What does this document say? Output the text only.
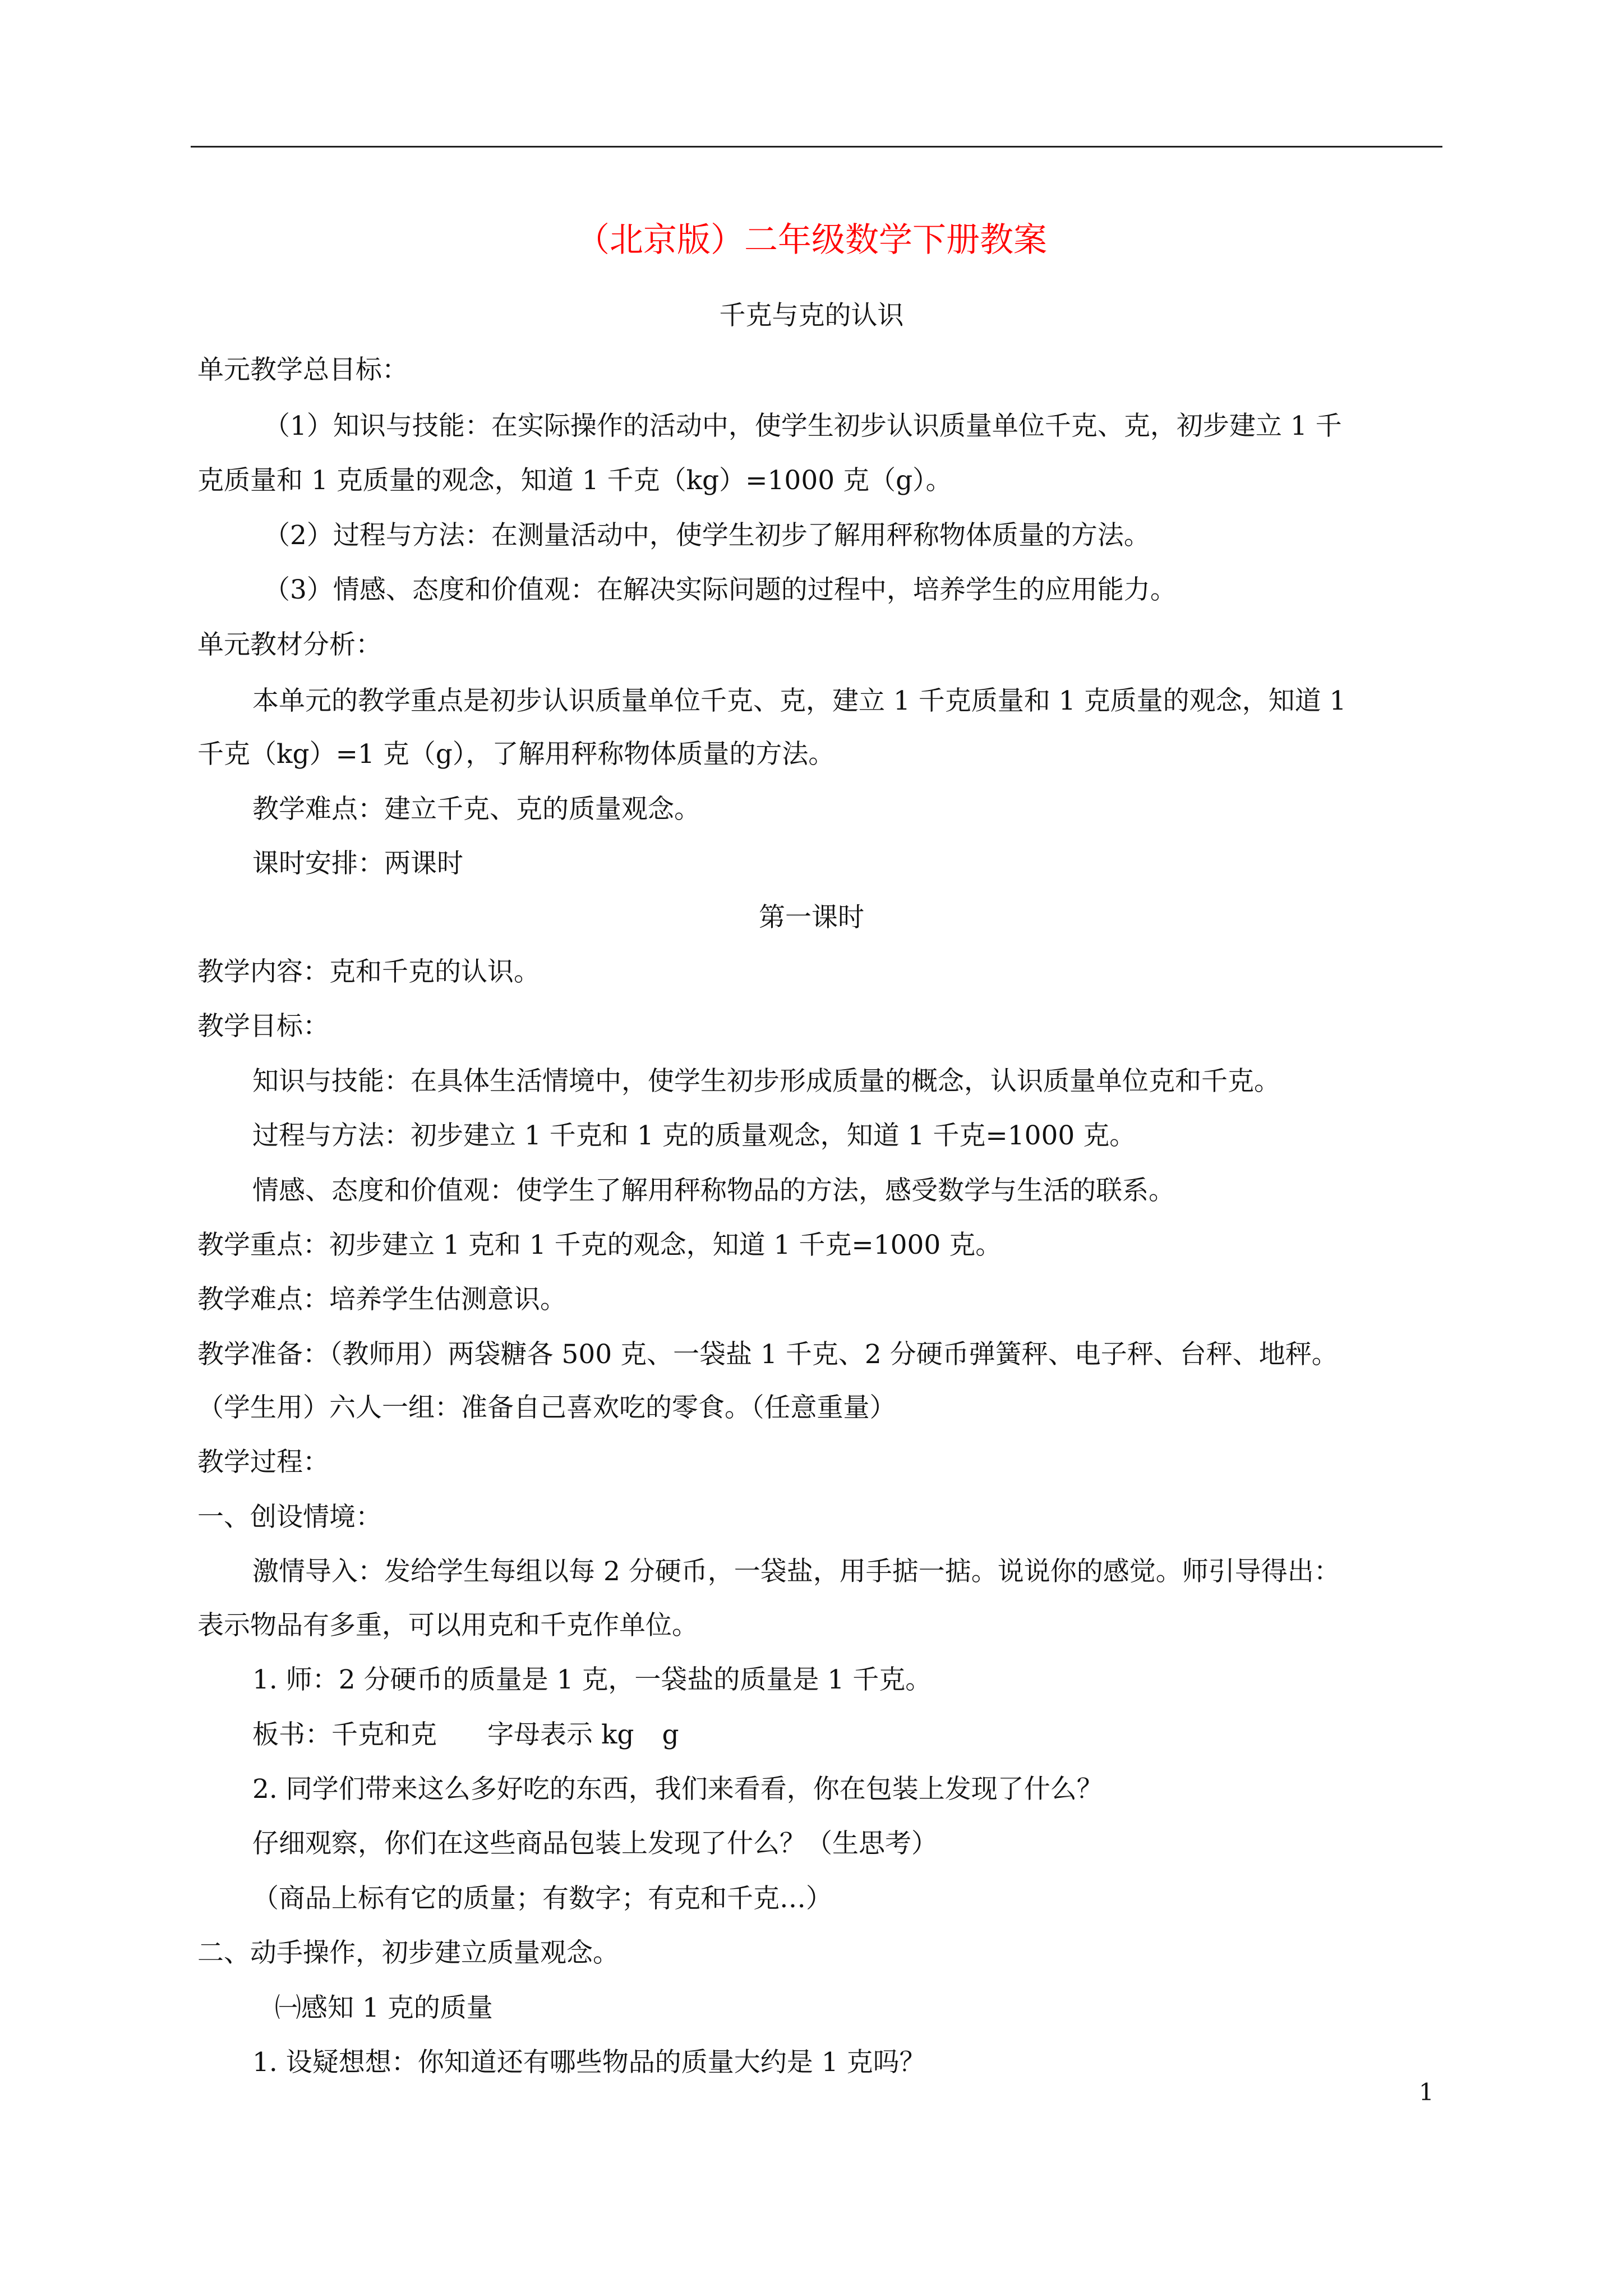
（北京版）二年级数学下册教案

千克与克的认识

单元教学总目标：

（1）知识与技能：在实际操作的活动中，使学生初步认识质量单位千克、克，初步建立 1 千

克质量和 1 克质量的观念，知道 1 千克（kg）=1000 克（g）。

（2）过程与方法：在测量活动中，使学生初步了解用秤称物体质量的方法。

（3）情感、态度和价值观：在解决实际问题的过程中，培养学生的应用能力。

单元教材分析：

本单元的教学重点是初步认识质量单位千克、克，建立 1 千克质量和 1 克质量的观念，知道 1

千克（kg）=1 克（g），了解用秤称物体质量的方法。

教学难点：建立千克、克的质量观念。

课时安排：两课时

第一课时

教学内容：克和千克的认识。

教学目标：

知识与技能：在具体生活情境中，使学生初步形成质量的概念，认识质量单位克和千克。

过程与方法：初步建立 1 千克和 1 克的质量观念，知道 1 千克=1000 克。

情感、态度和价值观：使学生了解用秤称物品的方法，感受数学与生活的联系。

教学重点：初步建立 1 克和 1 千克的观念，知道 1 千克=1000 克。

教学难点：培养学生估测意识。

教学准备：（教师用）两袋糖各 500 克、一袋盐 1 千克、2 分硬币弹簧秤、电子秤、台秤、地秤。

（学生用）六人一组：准备自己喜欢吃的零食。（任意重量）

教学过程：

一、创设情境：

激情导入：发给学生每组以每 2 分硬币，一袋盐，用手掂一掂。说说你的感觉。师引导得出：

表示物品有多重，可以用克和千克作单位。

1. 师：2 分硬币的质量是 1 克，一袋盐的质量是 1 千克。

板书：千克和克 字母表示 kg g

2. 同学们带来这么多好吃的东西，我们来看看，你在包装上发现了什么？

仔细观察，你们在这些商品包装上发现了什么？（生思考）

（商品上标有它的质量；有数字；有克和千克…）

二、动手操作，初步建立质量观念。

㈠感知 1 克的质量

1. 设疑想想：你知道还有哪些物品的质量大约是 1 克吗？

1
